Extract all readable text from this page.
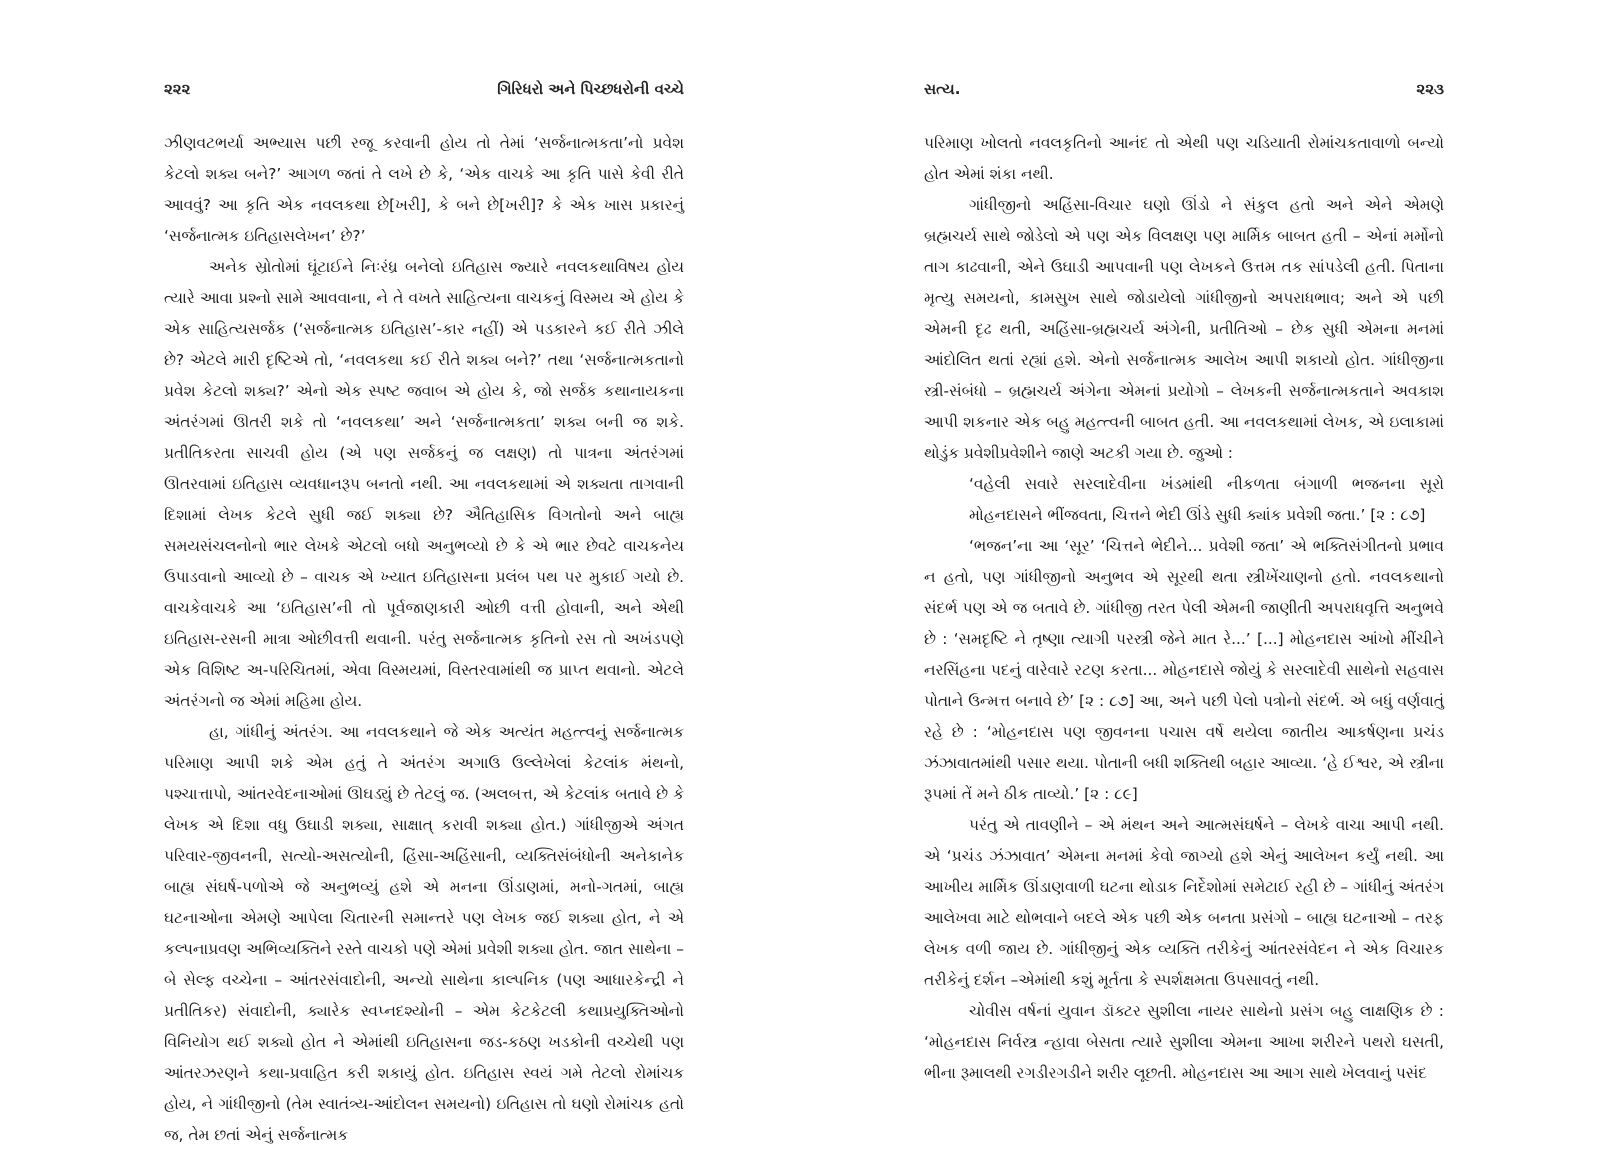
૨૨૨	ગિરિધરો અને પિચ્છધરોની વચ્ચે

ઝીણવટભર્યા અભ્યાસ પછી રજૂ કરવાની હોય તો તેમાં ‘સર્જનાત્મકતા’નો પ્રવેશ કેટલો શક્ય બને?’ આગળ જતાં તે લખે છે કે, ‘એક વાચકે આ કૃતિ પાસે કેવી રીતે આવવું? આ કૃતિ એક નવલકથા છે[ખરી], કે બને છે[ખરી]? કે એક ખાસ પ્રકારનું ‘સર્જનાત્મક ઇતિહાસલેખન’ છે?’

અનેક સ્રોતોમાં ઘૂંટાઈને નિઃરંધ્ર બનેલો ઇતિહાસ જ્યારે નવલકથાવિષય હોય ત્યારે આવા પ્રશ્નો સામે આવવાના, ને તે વખતે સાહિત્યના વાચકનું વિસ્મય એ હોય કે એક સાહિત્યસર્જક (‘સર્જનાત્મક ઇતિહાસ’-કાર નહીં) એ પડકારને કઈ રીતે ઝીલે છે? એટલે મારી દૃષ્ટિએ તો, ‘નવલકથા કઈ રીતે શક્ય બને?’ તથા ‘સર્જનાત્મકતાનો પ્રવેશ કેટલો શક્ય?’ એનો એક સ્પષ્ટ જવાબ એ હોય કે, જો સર્જક કથાનાયકના અંતરંગમાં ઊતરી શકે તો ‘નવલકથા’ અને ‘સર્જનાત્મકતા’ શક્ય બની જ શકે. પ્રતીતિકરતા સાચવી હોય (એ પણ સર્જકનું જ લક્ષણ) તો પાત્રના અંતરંગમાં ઊતરવામાં ઇતિહાસ વ્યવધાનરૂપ બનતો નથી. આ નવલકથામાં એ શક્યતા તાગવાની દિશામાં લેખક કેટલે સુધી જઈ શક્યા છે? ઐતિહાસિક વિગતોનો અને બાહ્ય સમયસંચલનોનો ભાર લેખકે એટલો બધો અનુભવ્યો છે કે એ ભાર છેવટે વાચકનેય ઉપાડવાનો આવ્યો છે – વાચક એ ખ્યાત ઇતિહાસના પ્રલંબ પથ પર મુકાઈ ગયો છે. વાચકેવાચકે આ ‘ઇતિહાસ’ની તો પૂર્વજાણકારી ઓછી વત્તી હોવાની, અને એથી ઇતિહાસ-રસની માત્રા ઓછીવત્તી થવાની. પરંતુ સર્જનાત્મક કૃતિનો રસ તો અખંડપણે એક વિશિષ્ટ અ-પરિચિતમાં, એવા વિસ્મયમાં, વિસ્તરવામાંથી જ પ્રાપ્ત થવાનો. એટલે અંતરંગનો જ એમાં મહિમા હોય.

હા, ગાંધીનું અંતરંગ. આ નવલકથાને જે એક અત્યંત મહત્ત્વનું સર્જનાત્મક પરિમાણ આપી શકે એમ હતું તે અંતરંગ અગાઉ ઉલ્લેખેલાં કેટલાંક મંથનો, પશ્ચાત્તાપો, આંતરવેદનાઓમાં ઊઘડ્યું છે તેટલું જ. (અલબત્ત, એ કેટલાંક બતાવે છે કે લેખક એ દિશા વધુ ઉઘાડી શક્યા, સાક્ષાત્ કરાવી શક્યા હોત.) ગાંધીજીએ અંગત પરિવાર-જીવનની, સત્યો-અસત્યોની, હિંસા-અહિંસાની, વ્યક્તિસંબંધોની અનેકાનેક બાહ્ય સંઘર્ષ-પળોએ જે અનુભવ્યું હશે એ મનના ઊંડાણમાં, મનો-ગતમાં, બાહ્ય ઘટનાઓના એમણે આપેલા ચિતારની સમાન્તરે પણ લેખક જઈ શક્યા હોત, ને એ કલ્પનાપ્રવણ અભિવ્યક્તિને રસ્તે વાચકો પણે એમાં પ્રવેશી શક્યા હોત. જાત સાથેના – બે સેલ્ફ વચ્ચેના – આંતરસંવાદોની, અન્યો સાથેના કાલ્પનિક (પણ આધારકેન્દ્રી ને પ્રતીતિકર) સંવાદોની, ક્યારેક સ્વપ્નદશ્યોની – એમ કેટકેટલી કથાપ્રયુક્તિઓનો વિનિયોગ થઈ શક્યો હોત ને એમાંથી ઇતિહાસના જડ-કઠણ ખડકોની વચ્ચેથી પણ આંતરઝરણને કથા-પ્રવાહિત કરી શકાયું હોત. ઇતિહાસ સ્વયં ગમે તેટલો રોમાંચક હોય, ને ગાંધીજીનો (તેમ સ્વાતંત્ર્ય-આંદોલન સમયનો) ઇતિહાસ તો ઘણો રોમાંચક હતો જ, તેમ છતાં એનું સર્જનાત્મક

સત્ય.	૨૨૩

પરિમાણ ખોલતો નવલકૃતિનો આનંદ તો એથી પણ ચડિયાતી રોમાંચકતાવાળો બન્યો હોત એમાં શંકા નથી.

ગાંધીજીનો અહિંસા-વિચાર ઘણો ઊંડો ને સંકુલ હતો અને એને એમણે બ્રહ્મચર્ય સાથે જોડેલો એ પણ એક વિલક્ષણ પણ માર્મિક બાબત હતી – એનાં મર્મોનો તાગ કાઢવાની, એને ઉઘાડી આપવાની પણ લેખકને ઉત્તમ તક સાંપડેલી હતી. પિતાના મૃત્યુ સમયનો, કામસુખ સાથે જોડાયેલો ગાંધીજીનો અપરાધભાવ; અને એ પછી એમની દૃઢ થતી, અહિંસા-બ્રહ્મચર્ય અંગેની, પ્રતીતિઓ – છેક સુધી એમના મનમાં આંદોલિત થતાં રહ્યાં હશે. એનો સર્જનાત્મક આલેખ આપી શકાયો હોત. ગાંધીજીના સ્ત્રી-સંબંધો – બ્રહ્મચર્ય અંગેના એમનાં પ્રયોગો – લેખકની સર્જનાત્મકતાને અવકાશ આપી શકનાર એક બહુ મહત્ત્વની બાબત હતી. આ નવલકથામાં લેખક, એ ઇલાકામાં થોડુંક પ્રવેશીપ્રવેશીને જાણે અટકી ગયા છે. જુઓ :

‘વહેલી સવારે સરલાદેવીના ખંડમાંથી નીકળતા બંગાળી ભજનના સૂરો મોહનદાસને ભીંજવતા, ચિત્તને ભેદી ઊંડે સુધી ક્યાંક પ્રવેશી જતા.’ [૨ : ૮૭]

‘ભજન’ના આ ‘સૂર’ ‘ચિત્તને ભેદીને... પ્રવેશી જતા’ એ ભક્તિસંગીતનો પ્રભાવ ન હતો, પણ ગાંધીજીનો અનુભવ એ સૂરથી થતા સ્ત્રીખેંચાણનો હતો. નવલકથાનો સંદર્ભ પણ એ જ બતાવે છે. ગાંધીજી તરત પેલી એમની જાણીતી અપરાધવૃત્તિ અનુભવે છે : ‘સમદૃષ્ટિ ને તૃષ્ણા ત્યાગી પરસ્ત્રી જેને માત રે...’ [...] મોહનદાસ આંખો મીંચીને નરસિંહના પદનું વારેવારે રટણ કરતા... મોહનદાસે જોયું કે સરલાદેવી સાથેનો સહવાસ પોતાને ઉન્મત્ત બનાવે છે’ [૨ : ૮૭] આ, અને પછી પેલો પત્રોનો સંદર્ભ. એ બધું વર્ણવાતું રહે છે : ‘મોહનદાસ પણ જીવનના પચાસ વર્ષે થયેલા જાતીય આકર્ષણના પ્રચંડ ઝંઝાવાતમાંથી પસાર થયા. પોતાની બધી શક્તિથી બહાર આવ્યા. ‘હે ઈશ્વર, એ સ્ત્રીના રૂપમાં તેં મને ઠીક તાવ્યો.’ [૨ : ૮૯]

પરંતુ એ તાવણીને – એ મંથન અને આત્મસંઘર્ષને – લેખકે વાચા આપી નથી. એ ‘પ્રચંડ ઝંઝાવાત’ એમના મનમાં કેવો જાગ્યો હશે એનું આલેખન કર્યું નથી. આ આખીય માર્મિક ઊંડાણવાળી ઘટના થોડાક નિર્દેશોમાં સમેટાઈ રહી છે – ગાંધીનું અંતરંગ આલેખવા માટે થોભવાને બદલે એક પછી એક બનતા પ્રસંગો – બાહ્ય ઘટનાઓ – તરફ લેખક વળી જાય છે. ગાંધીજીનું એક વ્યક્તિ તરીકેનું આંતરસંવેદન ને એક વિચારક તરીકેનું દર્શન –એમાંથી કશું મૂર્તતા કે સ્પર્શક્ષમતા ઉપસાવતું નથી.

ચોવીસ વર્ષનાં યુવાન ડૉક્ટર સુશીલા નાયર સાથેનો પ્રસંગ બહુ લાક્ષણિક છે : ‘મોહનદાસ નિર્વસ્ત્ર ન્હાવા બેસતા ત્યારે સુશીલા એમના આખા શરીરને પથરો ઘસતી, ભીના રૂમાલથી રગડીરગડીને શરીર લૂછતી. મોહનદાસ આ આગ સાથે ખેલવાનું પસંદ
